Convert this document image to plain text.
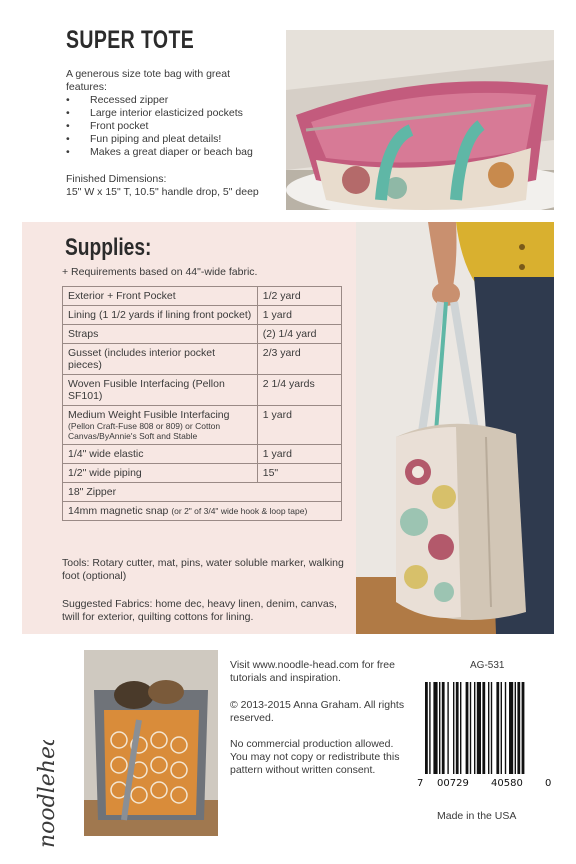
SUPER TOTE
A generous size tote bag with great
features:
• Recessed zipper
• Large interior elasticized pockets
• Front pocket
• Fun piping and pleat details!
• Makes a great diaper or beach bag
Finished Dimensions:
15" W x 15" T, 10.5" handle drop, 5" deep
Supplies:
+ Requirements based on 44"-wide fabric.
Exterior + Front Pocket	1/2 yard
Lining (1 1/2 yards if lining front pocket)	1 yard
Straps	(2) 1/4 yard
Gusset (includes interior pocket pieces)	2/3 yard
Woven Fusible Interfacing (Pellon SF101)	2 1/4 yards

Medium Weight Fusible Interfacing
(Pellon Craft-Fuse 808 or 809) or Cotton Canvas/ByAnnie's Soft and Stable	1 yard
1/4" wide elastic	1 yard
1/2" wide piping	15"
18" Zipper	
14mm magnetic snap (or 2" of 3/4" wide hook & loop tape)	
Tools: Rotary cutter, mat, pins, water soluble marker, walking foot (optional)
Suggested Fabrics: home dec, heavy linen, denim, canvas, twill for exterior, quilting cottons for lining.
noodlehead
Visit www.noodle-head.com for free tutorials and inspiration.
© 2013-2015 Anna Graham. All rights reserved.
No commercial production allowed. You may not copy or redistribute this pattern without written consent.
AG-531
7 00729 40580 0
Made in the USA
